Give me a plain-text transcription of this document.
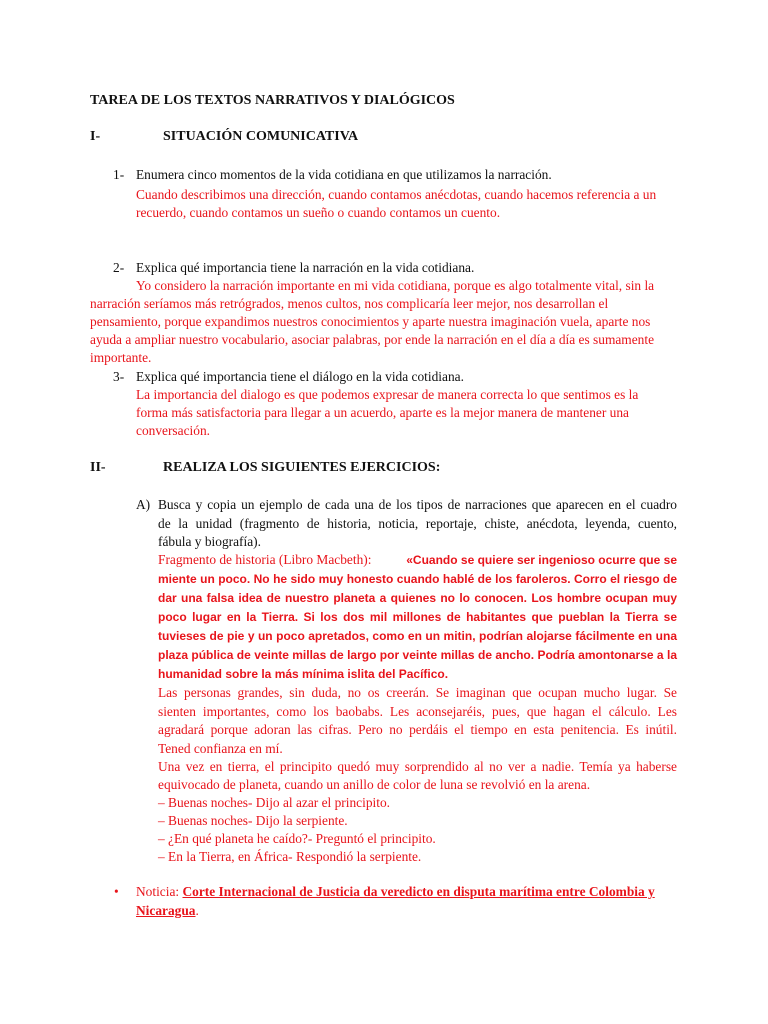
TAREA DE LOS TEXTOS NARRATIVOS Y DIALÓGICOS
I-	SITUACIÓN COMUNICATIVA
1- Enumera cinco momentos de la vida cotidiana en que utilizamos la narración.
Cuando describimos una dirección, cuando contamos anécdotas, cuando hacemos referencia a un
recuerdo, cuando contamos un sueño o cuando contamos un cuento.
2- Explica qué importancia tiene la narración en la vida cotidiana.
Yo considero la narración importante en mi vida cotidiana, porque es algo totalmente vital, sin la
narración seríamos más retrógrados, menos cultos, nos complicaría leer mejor, nos desarrollan el
pensamiento, porque expandimos nuestros conocimientos y aparte nuestra imaginación vuela, aparte nos
ayuda a ampliar nuestro vocabulario, asociar palabras, por ende la narración en el día a día es sumamente
importante.
3- Explica qué importancia tiene el diálogo en la vida cotidiana.
La importancia del dialogo es que podemos expresar de manera correcta lo que sentimos es la
forma más satisfactoria para llegar a un acuerdo, aparte es la mejor manera de mantener una
conversación.
II-	REALIZA LOS SIGUIENTES EJERCICIOS:
A) Busca y copia un ejemplo de cada una de los tipos de narraciones que aparecen en el cuadro
de la unidad (fragmento de historia, noticia, reportaje, chiste, anécdota, leyenda, cuento,
fábula y biografía).
Fragmento de historia (Libro Macbeth):	«Cuando se quiere ser ingenioso ocurre que se
miente un poco. No he sido muy honesto cuando hablé de los faroleros. Corro el riesgo de
dar una falsa idea de nuestro planeta a quienes no lo conocen. Los hombre ocupan muy
poco lugar en la Tierra. Si los dos mil millones de habitantes que pueblan la Tierra se
tuvieses de pie y un poco apretados, como en un mitin, podrían alojarse fácilmente en una
plaza pública de veinte millas de largo por veinte millas de ancho. Podría amontonarse a la
humanidad sobre la más mínima islita del Pacífico.
Las personas grandes, sin duda, no os creerán. Se imaginan que ocupan mucho lugar. Se
sienten importantes, como los baobabs. Les aconsejaréis, pues, que hagan el cálculo. Les
agradará porque adoran las cifras. Pero no perdáis el tiempo en esta penitencia. Es inútil.
Tened confianza en mí.
Una vez en tierra, el principito quedó muy sorprendido al no ver a nadie. Temía ya haberse
equivocado de planeta, cuando un anillo de color de luna se revolvió en la arena.
– Buenas noches- Dijo al azar el principito.
– Buenas noches- Dijo la serpiente.
– ¿En qué planeta he caído?- Preguntó el principito.
– En la Tierra, en África- Respondió la serpiente.
• Noticia: Corte Internacional de Justicia da veredicto en disputa marítima entre Colombia y
Nicaragua.
